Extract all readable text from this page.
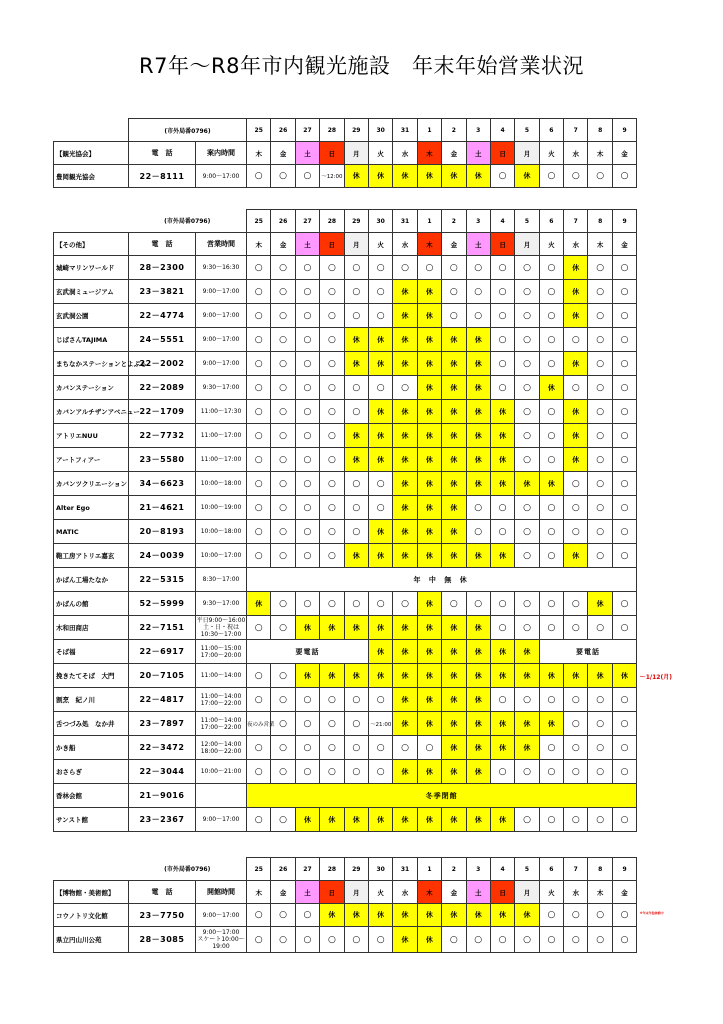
R7年～R8年市内観光施設　年末年始営業状況
	(市外局番0796)		25	26	27	28	29	30	31	1	2	3	4	5	6	7	8	9
【観光協会】	電　話	案内時間	木	金	土	日	月	火	水	木	金	土	日	月	火	水	木	金
豊岡観光協会	22－8111	9:00～17:00	○	○	○	～12:00	休	休	休	休	休	休	○	休	○	○	○	○
	(市外局番0796)		25	26	27	28	29	30	31	1	2	3	4	5	6	7	8	9
【その他】	電　話	営業時間	木	金	土	日	月	火	水	木	金	土	日	月	火	水	木	金
城崎マリンワールド	28－2300	9:30～16:30	○	○	○	○	○	○	○	○	○	○	○	○	○	休	○	○
玄武洞ミュージアム	23－3821	9:00～17:00	○	○	○	○	○	○	休	休	○	○	○	○	○	休	○	○
玄武洞公園	22－4774	9:00～17:00	○	○	○	○	○	○	休	休	○	○	○	○	○	休	○	○
じばさんTAJIMA	24－5551	9:00～17:00	○	○	○	○	休	休	休	休	休	休	○	○	○	○	○	○
まちなかステーションとよぷら	22－2002	9:00～17:00	○	○	○	○	休	休	休	休	休	休	○	○	○	休	○	○
カバンステーション	22－2089	9:30～17:00	○	○	○	○	○	○	○	休	休	休	○	○	休	○	○	○
カバンアルチザンアベニュー	22－1709	11:00～17:30	○	○	○	○	○	休	休	休	休	休	休	○	○	休	○	○
アトリエNUU	22－7732	11:00～17:00	○	○	○	○	休	休	休	休	休	休	休	○	○	休	○	○
アートフィアー	23－5580	11:00～17:00	○	○	○	○	休	休	休	休	休	休	休	○	○	休	○	○
カバンツクリエーション	34－6623	10:00～18:00	○	○	○	○	○	○	休	休	休	休	休	休	休	○	○	○
Alter Ego	21－4621	10:00～19:00	○	○	○	○	○	○	休	休	休	○	○	○	○	○	○	○
MATIC	20－8193	10:00～18:00	○	○	○	○	○	休	休	休	休	○	○	○	○	○	○	○
鞄工房アトリエ嘉玄	24－0039	10:00～17:00	○	○	○	○	休	休	休	休	休	休	休	○	○	休	○	○
かばん工場たなか	22－5315	8:30～17:00	年 中 無 休															
かばんの館	52－5999	9:30～17:00	休	○	○	○	○	○	○	休	○	○	○	○	○	○	休	○
木和田商店	22－7151	平日9:00～16:00
土・日・祝は
10:30～17:00	○	○	休	休	休	休	休	休	休	休	○	○	○	○	○	○
そば福	22－6917	11:00～15:00
17:00～20:00	要電話					休	休	休	休	休	休	休	要電話			
挽きたてそば　大門	20－7105	11:00～14:00	○	○	休	休	休	休	休	休	休	休	休	休	休	休	休	休
割烹　紀ノ川	22－4817	11:00～14:00
17:00～22:00	○	○	○	○	○	○	休	休	休	休	○	○	○	○	○	○
舌つづみ処　なか井	23－7897	11:00～14:00
17:00～22:00	夜のみ営業	○	○	○	○	～21:00	休	休	休	休	休	休	休	○	○	○
かき船	22－3472	12:00～14:00
18:00～22:00	○	○	○	○	○	○	○	○	休	休	休	休	○	○	○	○
おさらぎ	22－3044	10:00～21:00	○	○	○	○	○	○	休	休	休	休	○	○	○	○	○	○
香林会館	21－9016		冬季閉館															
サンスト館	23－2367	9:00～17:00	○	○	休	休	休	休	休	休	休	休	休	○	○	○	○	○
	(市外局番0796)		25	26	27	28	29	30	31	1	2	3	4	5	6	7	8	9
【博物館・美術館】	電　話	開館時間	木	金	土	日	月	火	水	木	金	土	日	月	火	水	木	金
コウノトリ文化館	23－7750	9:00～17:00	○	○	○	休	休	休	休	休	休	休	休	休	○	○	○	○
県立円山川公苑	28－3085	9:00～17:00
スケート10:00～
19:00	○	○	○	○	○	○	休	休	○	○	○	○	○	○	○	○
～1/12(月)
※年末年始休館中
